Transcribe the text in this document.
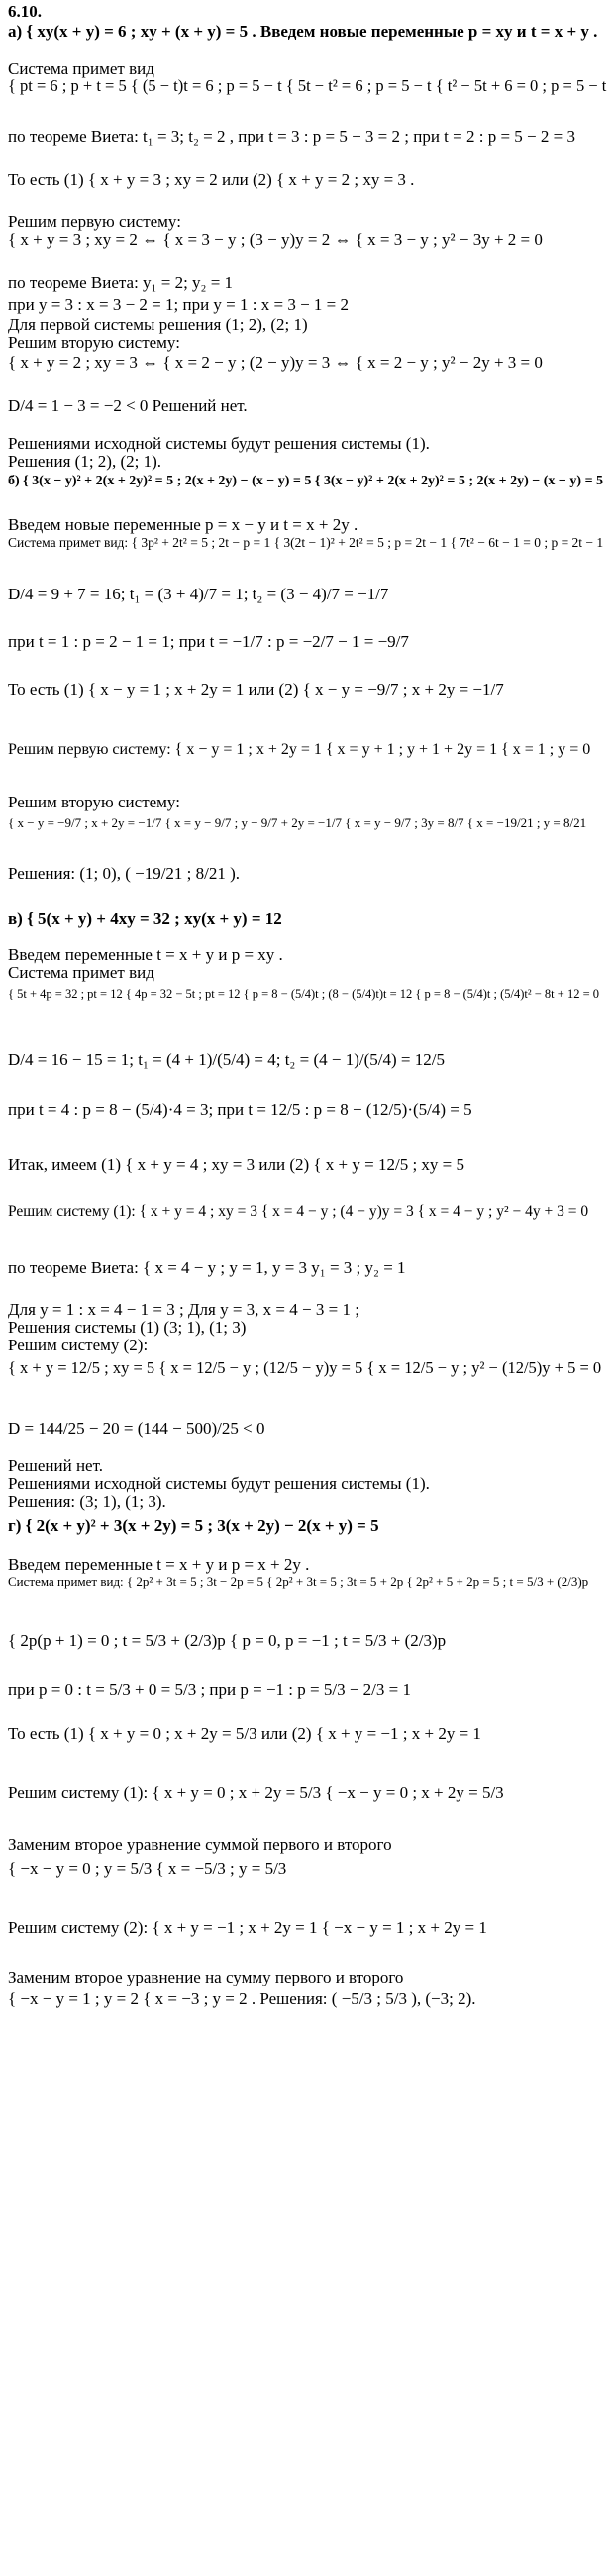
6.10.
а) { xy(x + y) = 6 ; xy + (x + y) = 5 . Введем новые переменные p = xy и t = x + y .
Система примет вид
{ pt = 6 ; p + t = 5 { (5 − t)t = 6 ; p = 5 − t { 5t − t² = 6 ; p = 5 − t { t² − 5t + 6 = 0 ; p = 5 − t
по теореме Виета: t₁ = 3; t₂ = 2 , при t = 3 : p = 5 − 3 = 2 ; при t = 2 : p = 5 − 2 = 3
То есть (1) { x + y = 3 ; xy = 2 или (2) { x + y = 2 ; xy = 3 .
Решим первую систему:
{ x + y = 3 ; xy = 2 ⇔ { x = 3 − y ; (3 − y)y = 2 ⇔ { x = 3 − y ; y² − 3y + 2 = 0
по теореме Виета: y₁ = 2; y₂ = 1
при y = 3 : x = 3 − 2 = 1; при y = 1 : x = 3 − 1 = 2
Для первой системы решения (1; 2), (2; 1)
Решим вторую систему:
{ x + y = 2 ; xy = 3 ⇔ { x = 2 − y ; (2 − y)y = 3 ⇔ { x = 2 − y ; y² − 2y + 3 = 0
D/4 = 1 − 3 = −2 < 0 Решений нет.
Решениями исходной системы будут решения системы (1).
Решения (1; 2), (2; 1).
б) { 3(x − y)² + 2(x + 2y)² = 5 ; 2(x + 2y) − (x − y) = 5 { 3(x − y)² + 2(x + 2y)² = 5 ; 2(x + 2y) − (x − y) = 5
Введем новые переменные p = x − y и t = x + 2y .
Система примет вид: { 3p² + 2t² = 5 ; 2t − p = 1 { 3(2t − 1)² + 2t² = 5 ; p = 2t − 1 { 7t² − 6t − 1 = 0 ; p = 2t − 1
D/4 = 9 + 7 = 16; t₁ = (3 + 4)/7 = 1; t₂ = (3 − 4)/7 = −1/7
при t = 1 : p = 2 − 1 = 1; при t = −1/7 : p = −2/7 − 1 = −9/7
То есть (1) { x − y = 1 ; x + 2y = 1 или (2) { x − y = −9/7 ; x + 2y = −1/7
Решим первую систему: { x − y = 1 ; x + 2y = 1 { x = y + 1 ; y + 1 + 2y = 1 { x = 1 ; y = 0
Решим вторую систему:
{ x − y = −9/7 ; x + 2y = −1/7 { x = y − 9/7 ; y − 9/7 + 2y = −1/7 { x = y − 9/7 ; 3y = 8/7 { x = −19/21 ; y = 8/21
Решения: (1; 0), ( −19/21 ; 8/21 ).
в) { 5(x + y) + 4xy = 32 ; xy(x + y) = 12
Введем переменные t = x + y и p = xy .
Система примет вид
{ 5t + 4p = 32 ; pt = 12 { 4p = 32 − 5t ; pt = 12 { p = 8 − (5/4)t ; (8 − (5/4)t)t = 12 { p = 8 − (5/4)t ; (5/4)t² − 8t + 12 = 0
D/4 = 16 − 15 = 1; t₁ = (4 + 1)/(5/4) = 4; t₂ = (4 − 1)/(5/4) = 12/5
при t = 4 : p = 8 − (5/4)·4 = 3; при t = 12/5 : p = 8 − (12/5)·(5/4) = 5
Итак, имеем (1) { x + y = 4 ; xy = 3 или (2) { x + y = 12/5 ; xy = 5
Решим систему (1): { x + y = 4 ; xy = 3 { x = 4 − y ; (4 − y)y = 3 { x = 4 − y ; y² − 4y + 3 = 0
по теореме Виета: { x = 4 − y ; y = 1, y = 3 y₁ = 3 ; y₂ = 1
Для y = 1 : x = 4 − 1 = 3 ; Для y = 3, x = 4 − 3 = 1 ;
Решения системы (1) (3; 1), (1; 3)
Решим систему (2):
{ x + y = 12/5 ; xy = 5 { x = 12/5 − y ; (12/5 − y)y = 5 { x = 12/5 − y ; y² − (12/5)y + 5 = 0
D = 144/25 − 20 = (144 − 500)/25 < 0
Решений нет.
Решениями исходной системы будут решения системы (1).
Решения: (3; 1), (1; 3).
г) { 2(x + y)² + 3(x + 2y) = 5 ; 3(x + 2y) − 2(x + y) = 5
Введем переменные t = x + y и p = x + 2y .
Система примет вид: { 2p² + 3t = 5 ; 3t − 2p = 5 { 2p² + 3t = 5 ; 3t = 5 + 2p { 2p² + 5 + 2p = 5 ; t = 5/3 + (2/3)p
{ 2p(p + 1) = 0 ; t = 5/3 + (2/3)p { p = 0, p = −1 ; t = 5/3 + (2/3)p
при p = 0 : t = 5/3 + 0 = 5/3 ; при p = −1 : p = 5/3 − 2/3 = 1
То есть (1) { x + y = 0 ; x + 2y = 5/3 или (2) { x + y = −1 ; x + 2y = 1
Решим систему (1): { x + y = 0 ; x + 2y = 5/3 { −x − y = 0 ; x + 2y = 5/3
Заменим второе уравнение суммой первого и второго
{ −x − y = 0 ; y = 5/3 { x = −5/3 ; y = 5/3
Решим систему (2): { x + y = −1 ; x + 2y = 1 { −x − y = 1 ; x + 2y = 1
Заменим второе уравнение на сумму первого и второго
{ −x − y = 1 ; y = 2 { x = −3 ; y = 2 . Решения: ( −5/3 ; 5/3 ), (−3; 2).
